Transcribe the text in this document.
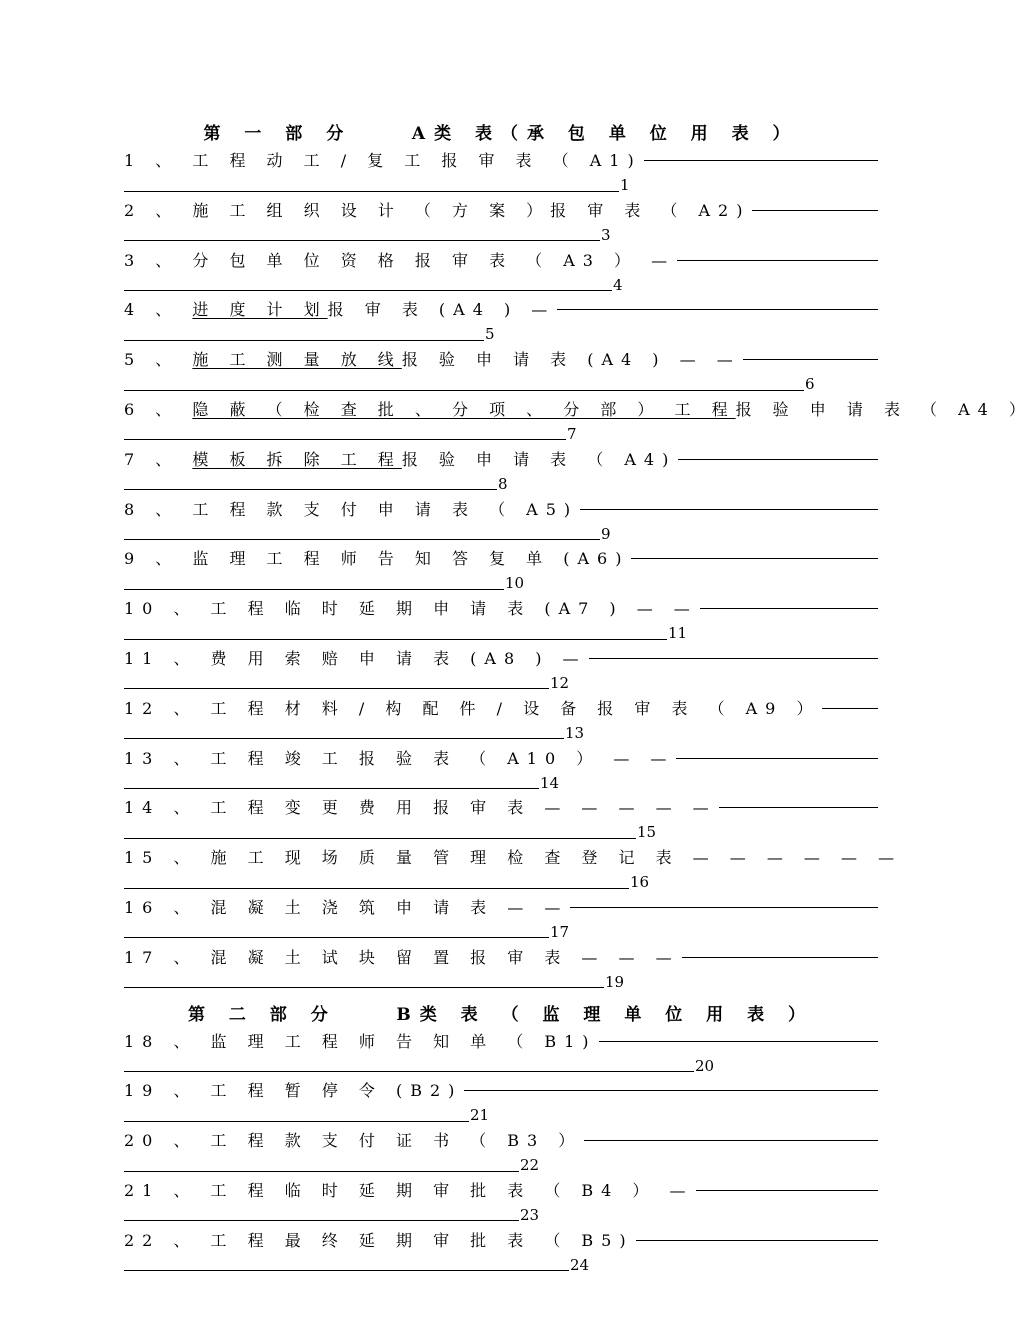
第 一 部 分    A类 表（承 包 单 位 用 表 ）
1 、 工 程 动 工 / 复 工 报 审 表 （ A1)
1
2 、 施 工 组 织 设 计 （ 方 案 ）报 审 表 （ A2)
3
3 、 分 包 单 位 资 格 报 审 表 （ A3 ） —
4
4 、 进 度 计 划报 审 表 (A4 ) —
5
5 、 施 工 测 量 放 线报 验 申 请 表 (A4 ) — —
6
6 、 隐 蔽 （ 检 查 批 、 分 项 、 分 部 ） 工 程报 验 申 请 表 （ A4 ）
7
7 、 模 板 拆 除 工 程报 验 申 请 表 （ A4)
8
8 、 工 程 款 支 付 申 请 表 （ A5)
9
9 、 监 理 工 程 师 告 知 答 复 单 (A6)
10
10 、 工 程 临 时 延 期 申 请 表 (A7 ) — —
11
11 、 费 用 索 赔 申 请 表 (A8 ) —
12
12 、 工 程 材 料 / 构 配 件 / 设 备 报 审 表 （ A9 ）
13
13 、 工 程 竣 工 报 验 表 （ A10 ） — —
14
14 、 工 程 变 更 费 用 报 审 表 — — — — —
15
15 、 施 工 现 场 质 量 管 理 检 查 登 记 表 — — — — — —
16
16 、 混 凝 土 浇 筑 申 请 表 — —
17
17 、 混 凝 土 试 块 留 置 报 审 表 — — —
19
第 二 部 分    B类 表 （ 监 理 单 位 用 表 ）
18 、 监 理 工 程 师 告 知 单 （ B1)
20
19 、 工 程 暂 停 令 (B2)
21
20 、 工 程 款 支 付 证 书 （ B3 ）
22
21 、 工 程 临 时 延 期 审 批 表 （ B4 ） —
23
22 、 工 程 最 终 延 期 审 批 表 （ B5)
24
